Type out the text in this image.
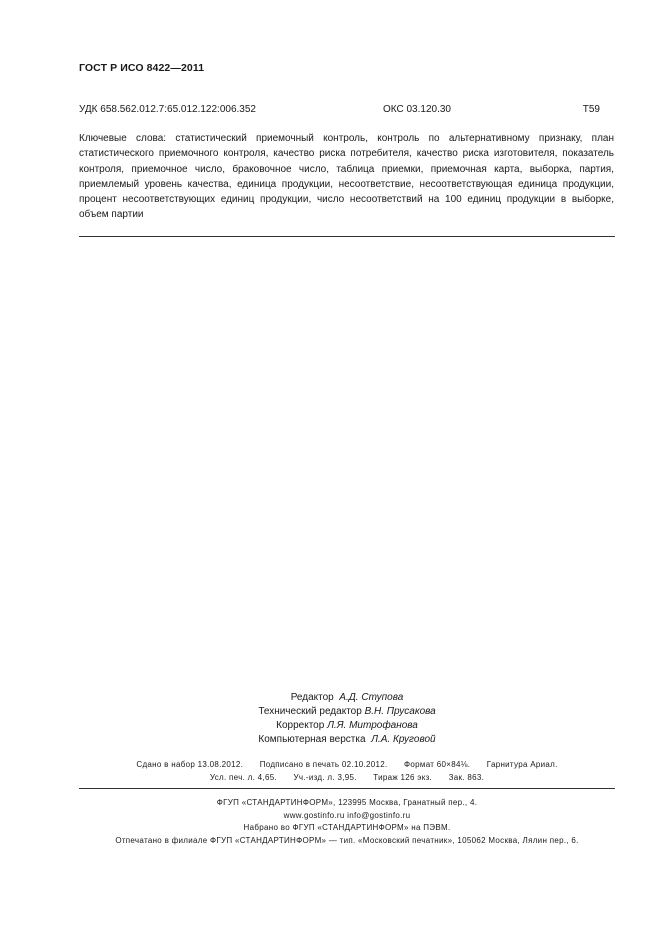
ГОСТ Р ИСО 8422—2011
УДК 658.562.012.7:65.012.122:006.352	ОКС 03.120.30	Т59
Ключевые слова: статистический приемочный контроль, контроль по альтернативному признаку, план статистического приемочного контроля, качество риска потребителя, качество риска изготовителя, показатель контроля, приемочное число, браковочное число, таблица приемки, приемочная карта, выборка, партия, приемлемый уровень качества, единица продукции, несоответствие, несоответствующая единица продукции, процент несоответствующих единиц продукции, число несоответствий на 100 единиц продукции в выборке, объем партии
Редактор А.Д. Ступова
Технический редактор В.Н. Прусакова
Корректор Л.Я. Митрофанова
Компьютерная верстка Л.А. Круговой
Сдано в набор 13.08.2012. Подписано в печать 02.10.2012. Формат 60×84⅛. Гарнитура Ариал.
Усл. печ. л. 4,65. Уч.-изд. л. 3,95. Тираж 126 экз. Зак. 863.
ФГУП «СТАНДАРТИНФОРМ», 123995 Москва, Гранатный пер., 4.
www.gostinfo.ru info@gostinfo.ru
Набрано во ФГУП «СТАНДАРТИНФОРМ» на ПЭВМ.
Отпечатано в филиале ФГУП «СТАНДАРТИНФОРМ» — тип. «Московский печатник», 105062 Москва, Лялин пер., 6.
